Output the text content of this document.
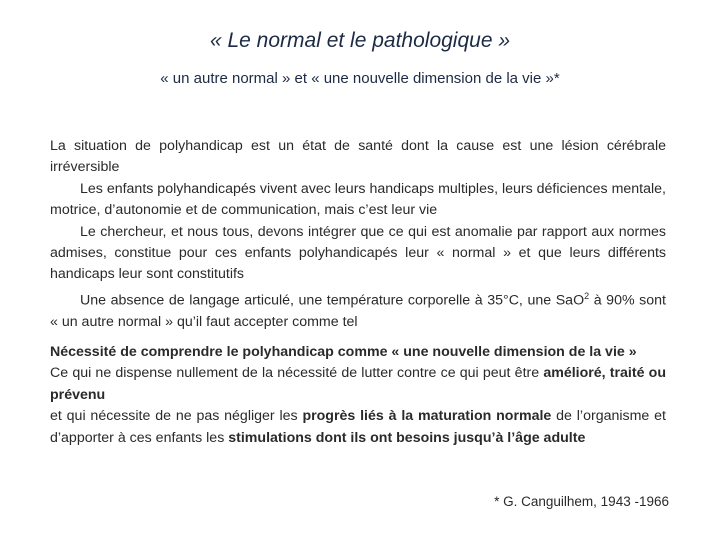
« Le normal et le pathologique »
« un autre normal » et « une nouvelle dimension de la vie »*
La situation de polyhandicap est un état de santé dont la cause est une lésion cérébrale irréversible
Les enfants polyhandicapés vivent avec leurs handicaps multiples, leurs déficiences mentale, motrice, d’autonomie et de communication, mais c’est leur vie
Le chercheur, et nous tous, devons intégrer que ce qui est anomalie par rapport aux normes admises, constitue pour ces enfants polyhandicapés leur « normal » et que leurs différents handicaps leur sont constitutifs
Une absence de langage articulé, une température corporelle à 35°C, une SaO$^2$ à 90% sont « un autre normal » qu’il faut accepter comme tel
Nécessité de comprendre le polyhandicap comme « une nouvelle dimension de la vie »
Ce qui ne dispense nullement de la nécessité de lutter contre ce qui peut être amélioré, traité ou prévenu
et qui nécessite de ne pas négliger les progrès liés à la maturation normale de l’organisme et d’apporter à ces enfants les stimulations dont ils ont besoins jusqu’à l’âge adulte
* G. Canguilhem, 1943 -1966
